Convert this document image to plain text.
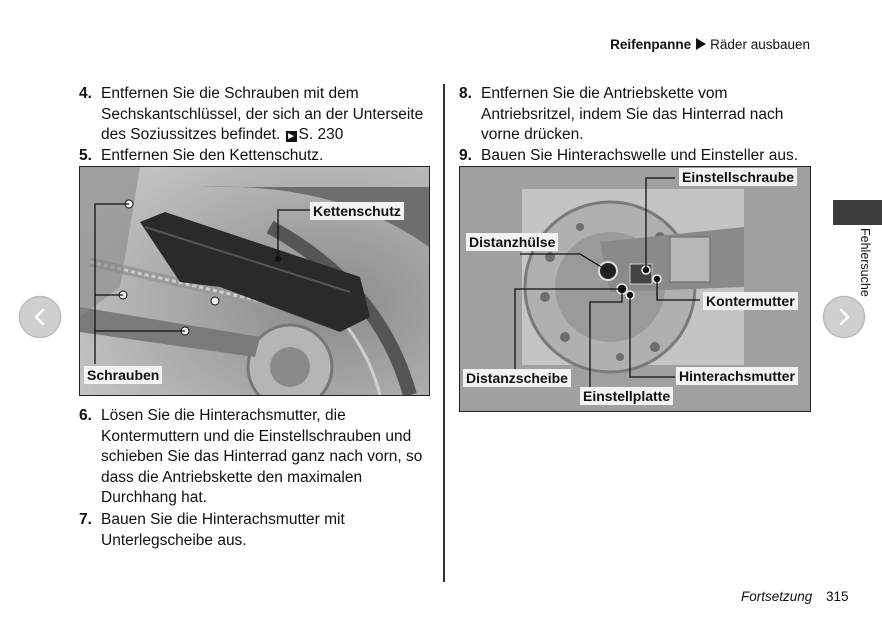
Reifenpanne Räder ausbauen
4. Entfernen Sie die Schrauben mit dem Sechskantschlüssel, der sich an der Unterseite des Soziussitzes befindet. ► S. 230
5. Entfernen Sie den Kettenschutz.
Kettenschutz
Schrauben
6. Lösen Sie die Hinterachsmutter, die Kontermuttern und die Einstellschrauben und schieben Sie das Hinterrad ganz nach vorn, so dass die Antriebskette den maximalen Durchhang hat.
7. Bauen Sie die Hinterachsmutter mit Unterlegscheibe aus.
8. Entfernen Sie die Antriebskette vom Antriebsritzel, indem Sie das Hinterrad nach vorne drücken.
9. Bauen Sie Hinterachswelle und Einsteller aus.
Einstellschraube
Distanzhülse
Kontermutter
Distanzscheibe	Hinterachsmutter
Einstellplatte
Fehlersuche
Fortsetzung 315
